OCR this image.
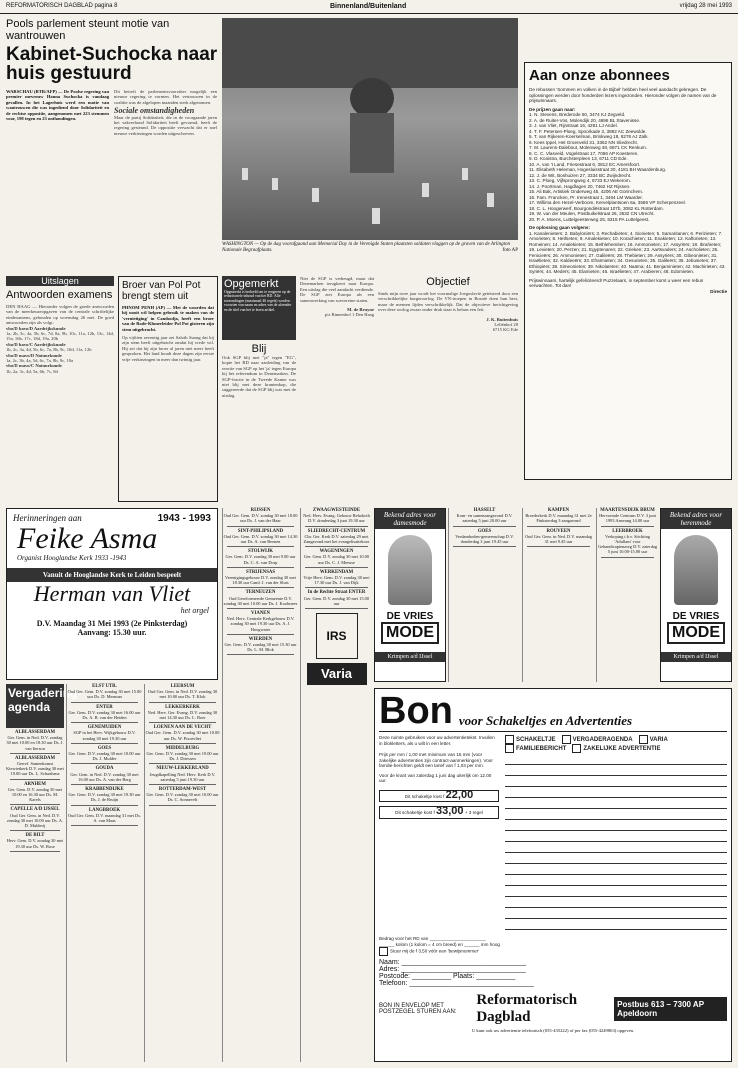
REFORMATORISCH DAGBLAD pagina 8	Binnenland/Buitenland	vrijdag 28 mei 1993
Pools parlement steunt motie van wantrouwen
Kabinet-Suchocka naar huis gestuurd
WARSCHAU (RTR/AFP) — De Poolse regering van premier mevrouw Hanna Suchocka is vandaag gevallen. In het Lagerhuis werd een motie van wantrouwen die was ingediend door Solidariteit en de rechtse oppositie, aangenomen met 223 stemmen voor, 198 tegen en 23 onthoudingen.
Dit betreft de parlementsvoorzitter mogelijk een nieuwe regering te vormen. Het vertrouwen in de coalitie was de afgelopen maanden sterk afgenomen.
Sociale omstandigheden
Maar de partij Solidariteit, die in de voorgaande jaren het vakverbond Solidariteit heeft gevormd, heeft de regering gesteund. De oppositie verwacht dat er snel nieuwe verkiezingen worden uitgeschreven.
WASHINGTON — Op de dag voorafgaand aan Memorial Day in de Verenigde Staten plaatsten soldaten vlaggen op de graven van de Arlington Nationale Begraafplaats.	foto AP
Aan onze abonnees
De rebussen 'Sommen en volken in de Bijbel' hebben heel veel aandacht gekregen. De oplossingen werden door honderden lezers ingezonden. Hieronder volgen de namen van de prijswinnaars.
De prijzen gaan naar:
1. N. Stevens, Brederode 50, 3474 KJ Zegveld.
2. A. de Ruiter-Vos, Molendijk 20, 4696 BL Stavenisse.
3. J. van Vliet, Rijnstraat 16, 4281 LJ Andel.
4. T. F. Petersen-Ploeg, Spoorkade 3, 3892 AC Zeewolde.
5. T. van Rijkeren-Koerselman, Brinkweg 18, 8276 AJ Zalk.
6. Kees Ippel, Het Groenveld 31, 3362 NN Sliedrecht.
7. M. Laurens-Dalebout, Molenweg 48, 6871 CK Renkum.
8. C. C. Vlasveld, Vogelstraat 17, 7066 AP Koesteren.
9. D. Kooistra, Burchsterpleen 13, 6711 CD Ede.
10. A. van 't Land, Friesestraat 6, 3812 EC Amersfoort.
11. Elisabeth Heleman, Hogesluisstraat 20, 4181 BH Waardenburg.
12. J. de Wit, Boshuizen 27, 3334 BC Zwijndrecht.
13. C. Ploeg, Vijfsprongweg 4, 6733 EJ Wekerom.
14. J. Poortman, Hagdlagen 20, 7462 HZ Rijssen.
15. Ali Bak, Artistiek Onderweg 45, 4206 AE Gorinchem.
16. Fam. Francken, Pr. Irenestraat 1, 3464 LM Waarder.
17. Willima den Hezel-Verboom, Kervelplantsoen 6a, 3586 VP Scherpenzeel.
18. C. L. Hoogerwerf, Bourgondiëstraat 107b, 3082 KL Rotterdam.
19. W. van der Meulen, Postbuikelstraat 26, 3532 CN Utrecht.
20. P. A. Moens, Luttelgeesterweg 25, 8315 PA Luttelgeest.
De oplossing gaan volgens:
1. Kanalenieters; 2. Babyloniërs; 3. Rechabieten; 4. Sionieten; 5. Samaritanen; 6. Perizieten; 7. Amorieten; 8. Hethieten; 9. Amalekieten; 10. Korachieten; 11. Enakieten; 12. Kaftorieten; 13. Romeinen; 14. Amalekieten; 15. Bethlehemiten; 16. Ammonieten; 17. Assyriërs; 18. Ibrahieten; 19. Levieten; 20. Perzen; 21. Egyptenaren; 22. Grieken; 23. Aartsvaders; 24. Ascholieten; 25. Fenicieërs; 26. Ammonieten; 27. Galileërs; 28. Thebieten; 29. Assyriërs; 30. Gibeonieten; 31. Israëlieten; 32. Kaldeeërs; 33. Efraïmieten; 34. Gesurieten; 35. Galileërs; 36. Jebusieten; 37. Ethiopiërs; 38. Simeonieten; 39. Nikolaïeten; 40. Naäma; 41. Benjaminieten; 42. Machirieten; 43. Syriërs; 44. Meders; 45. Elamieten; 46. Israëlieten; 47. Arabieren; 48. Edomieten.
Prijswinnaars, hartelijk gefeliciteerd! Puzzelaars, in september komt u weer een rebus verwachten. Tot dan!
Directie
Uitslagen
Antwoorden examens
DEN HAAG — Hieronder volgen de goede antwoorden van de meerkeuzeopgaven van de centrale schriftelijke eindexamens, gehouden op woensdag 26 mei. De goed antwoorden zijn als volgt:
vbo/D havo/D Aardrijkskunde
1a, 2b, 3c, 4a, 5b, 6c, 7d, 8a, 9b, 10c, 11a, 12b, 13c, 14d, 15a, 16b, 17c, 18d, 19a, 20b
vbo/D havo/C Aardrijkskunde
1b, 2c, 3a, 4d, 5b, 6c, 7a, 8b, 9c, 10d, 11a, 12b
vbo/D mavo/D Natuurkunde
1a, 2c, 3b, 4a, 5d, 6c, 7a, 8b, 9c, 10a
vbo/D mavo/C Natuurkunde
1b, 2a, 3c, 4d, 5a, 6b, 7c, 8d
Broer van Pol Pot brengt stem uit
PHNOM PENH (AP) — Met de woorden dat hij nooit wil helpen gebruik te maken van de 'vernietiging' in Cambodja, heeft een broer van de Rode-Khmerleider Pol Pot gisteren zijn stem uitgebracht.
Op vijftien zeventig jaar zei Saloth Suong dat hij zijn stem heeft uitgebracht omdat hij vrede wil. Hij zei dat hij zijn broer al jaren niet meer heeft gesproken. Het land houdt deze dagen zijn eerste vrije verkiezingen in meer dan twintig jaar.
Opgemerkt
Opgemerkt is bedoeld om te reageren op de redactionele inhoud van het RD. Alle toezendingen (maximaal 40 regels) worden voorzien van naam en adres van de afzender en de titel van het te lezen artikel.
Blij
Ook SGP blij met "ja" tegen "EG", kopte het RD naar aanleiding van de reactie van SGP op het 'ja' tegen Europa bij het referendum in Denemarken. De SGP-fractie in de Tweede Kamer was niet blij met deze krantenkop, die suggereerde dat de SGP blij was met de uitslag.
Niet de SGP is verheugd, maar dat Denemarken terugkeert naar Europa. Een uitslag die veel aandacht verdiende. De SGP ziet Europa als een samenwerking van soevereine staten.
M. de Bruyne
p/a Binnenhof 1 Den Haag
Objectief
Sinds mijn twee jaar wordt het voormalige Joegoslavië geteisterd door een verschrikkelijke burgeroorlog. De VN-troepen in Bosnië doen hun best, maar de mensen lijden verschrikkelijk. Dat de objectieve berichtgeving over deze oorlog zwaar onder druk staat is helaas een feit.
J. K. Buitenhuis
Leliënhof 28
6715 KG Ede
Herinneringen aan	1943 - 1993
Feike Asma
Organist Hooglandse Kerk 1933 -1943
Vanuit de Hooglandse Kerk te Leiden bespeelt
Herman van Vliet
het orgel
D.V. Maandag 31 Mei 1993 (2e Pinksterdag)
Aanvang: 15.30 uur.
Vergadering-agenda
ALBLASSERDAM
Ger. Gem. in Ned. D.V. zondag 30 mei 10.00 en 18.30 uur Ds. J. van Iterson
ALBLASSERDAM
Gerref. Samenkomst Kiewietkerk D.V. zondag 30 mei 19.00 uur Ds. L. Schaafsma
ARNHEM
Ger. Gem. D.V. zondag 30 mei 10.00 en 16.30 uur Ds. M. Karels
CAPELLE A/D IJSSEL
Oud Ger. Gem. in Ned. D.V. zondag 30 mei 10.00 uur Ds. A. D. Mulderij
DE BILT
Herv. Gem. D.V. zondag 30 mei 19.30 uur Ds. W. Rose
ELST UTR.
Oud Ger. Gem. D.V. zondag 30 mei 15.00 uur Ds. D. Mesman
ENTER
Ger. Gem. D.V. zondag 30 mei 16.00 uur Ds. A. B. van der Heiden
GENEMUIDEN
SGP in het Herv. Wijkgebouw D.V. zondag 30 mei 19.30 uur
GOES
Ger. Gem. D.V. zondag 30 mei 10.00 uur Ds. J. Mulder
GOUDA
Ger. Gem. in Ned. D.V. zondag 30 mei 16.00 uur Ds. A. van der Berg
KRABBENDIJKE
Ger. Gem. D.V. zondag 30 mei 19.30 uur Ds. J. de Bruijn
LANGBROEK
Oud Ger. Gem. D.V. maandag 31 mei Ds. A. van Maas
LEERSUM
Oud Ger. Gem. in Ned. D.V. zondag 30 mei 10.00 uur Ds. T. Klok
LEKKERKERK
Ned. Herv. Ger. Evang. D.V. zondag 30 mei 14.30 uur Ds. L. Boer
LOENEN AAN DE VECHT
Oud Ger. Gem. D.V. zondag 30 mei 10.00 uur Ds. W. Poortvliet
MIDDELBURG
Ger. Gem. D.V. zondag 30 mei 19.00 uur Ds. J. Driessen
NIEUW-LEKKERLAND
Jeugdkapelling Ned. Herv. Kerk D.V. zaterdag 5 juni 19.30 uur
ROTTERDAM-WEST
Ger. Gem. D.V. zondag 30 mei 10.00 uur Ds. C. Sonnevelt
RIJSSEN
Oud Ger. Gem. D.V. zondag 30 mei 18.00 uur Ds. J. van der Haar
SINT-PHILIPSLAND
Oud Ger. Gem. D.V. zondag 30 mei 14.30 uur Ds. A. van Reenen
STOLWIJK
Ger. Gem. D.V. zondag 30 mei 9.00 uur Ds. C. A. van Dorp
STRIJENSAS
Verenigingsgebouw D.V. zondag 30 mei 18.30 uur Cand. J. van der Sluis
TERNEUZEN
Oud Gereformeerde Gemeente D.V. zondag 30 mei 10.00 uur Ds. J. Koolmees
VIANEN
Ned. Herv. Centrale Kerkgebouw D.V. zondag 30 mei 19.30 uur Ds. A. J. Hoogwater
WIERDEN
Ger. Gem. D.V. zondag 30 mei 15.30 uur Ds. L. M. Blok
ZWAAGWESTEINDE
Ned. Herv. Evang. Gebouw Rehoboth D.V. donderdag 3 juni 19.30 uur
SLIEDRECHT-CENTRUM
Chr. Ger. Kerk D.V. zaterdag 29 mei Zangavond met het evangelisatiekoor
WAGENINGEN
Ger. Gem. D.V. zondag 30 mei 10.00 uur Ds. C. J. Meeuse
WERKENDAM
Vrije Herv. Gem. D.V. zondag 30 mei 17.30 uur Ds. J. van Dijk
In de Rechte Straat ENTER
Ger. Gem. D.V. zondag 30 mei 15.00 uur
IRS
Varia
Bekend adres voor damesmode
DE VRIES
MODE
Krimpen a/d IJssel
HASSELT
Kom- en samenzangavond D.V. zaterdag 5 juni 20.00 uur
GOES
Verdamboden-gemeenschap D.V. donderdag 3 juni 19.45 uur
KAMPEN
Broederkerk D.V. maandag 31 mei 2e Pinksterdag 3 zangavond
ROUVEEN
Oud Ger. Gem. in Ned. D.V. maandag 31 mei 9.45 uur
MAARTENSDIJK BRUM
Hervormde Centrum D.V. 3 juni 1993 Aanvang 14.00 uur
LEERBROEK
Verkoping t.b.v. Stichting 'Adullam' voor Gehandicaptenzorg D.V. zaterdag 5 juni 10.00-15.00 uur
Bekend adres voor herenmode
DE VRIES
MODE
Krimpen a/d IJssel
Bon voor Schakeltjes en Advertenties
Deze ruimte gebruiken voor uw advertentietekst. Invullen in blokletters, als u wilt in een letter.
Prijs per mm / 1,00 met minimum van 15 mm (voor zakelijke advertenties zijn contract-aanmerkingen). Voor familie-berichten geldt een tarief van f 1,03 per mm.
Voor de krant van zaterdag 1 juni dag uiterlijk om 12.00 uur.
Dit schakeltje kost f 22,00
Dit schakeltje kost f 33,00 + 3 regel
SCHAKELTJE	VERGADERAGENDA	VARIAFAMILIEBERICHT	ZAKELIJKE ADVERTENTIE
Bedrag voor het RD van ______________________
______ kolom (1 kolom = 4 cm breed) en ______ mm hoog
Stuur mij de f 3,50 vóór een 'bewijsnummer'
Naam: ________________________________
Adres: ________________________________
Postcode: __________ Plaats: __________
Telefoon: ________________________________
BON IN ENVELOP MET POSTZEGEL STUREN AAN:
Reformatorisch Dagblad
Postbus 613 – 7300 AP Apeldoorn
U kunt ook uw advertentie telefonisch (055-435222) of per fax (055-4249863) opgeven.
